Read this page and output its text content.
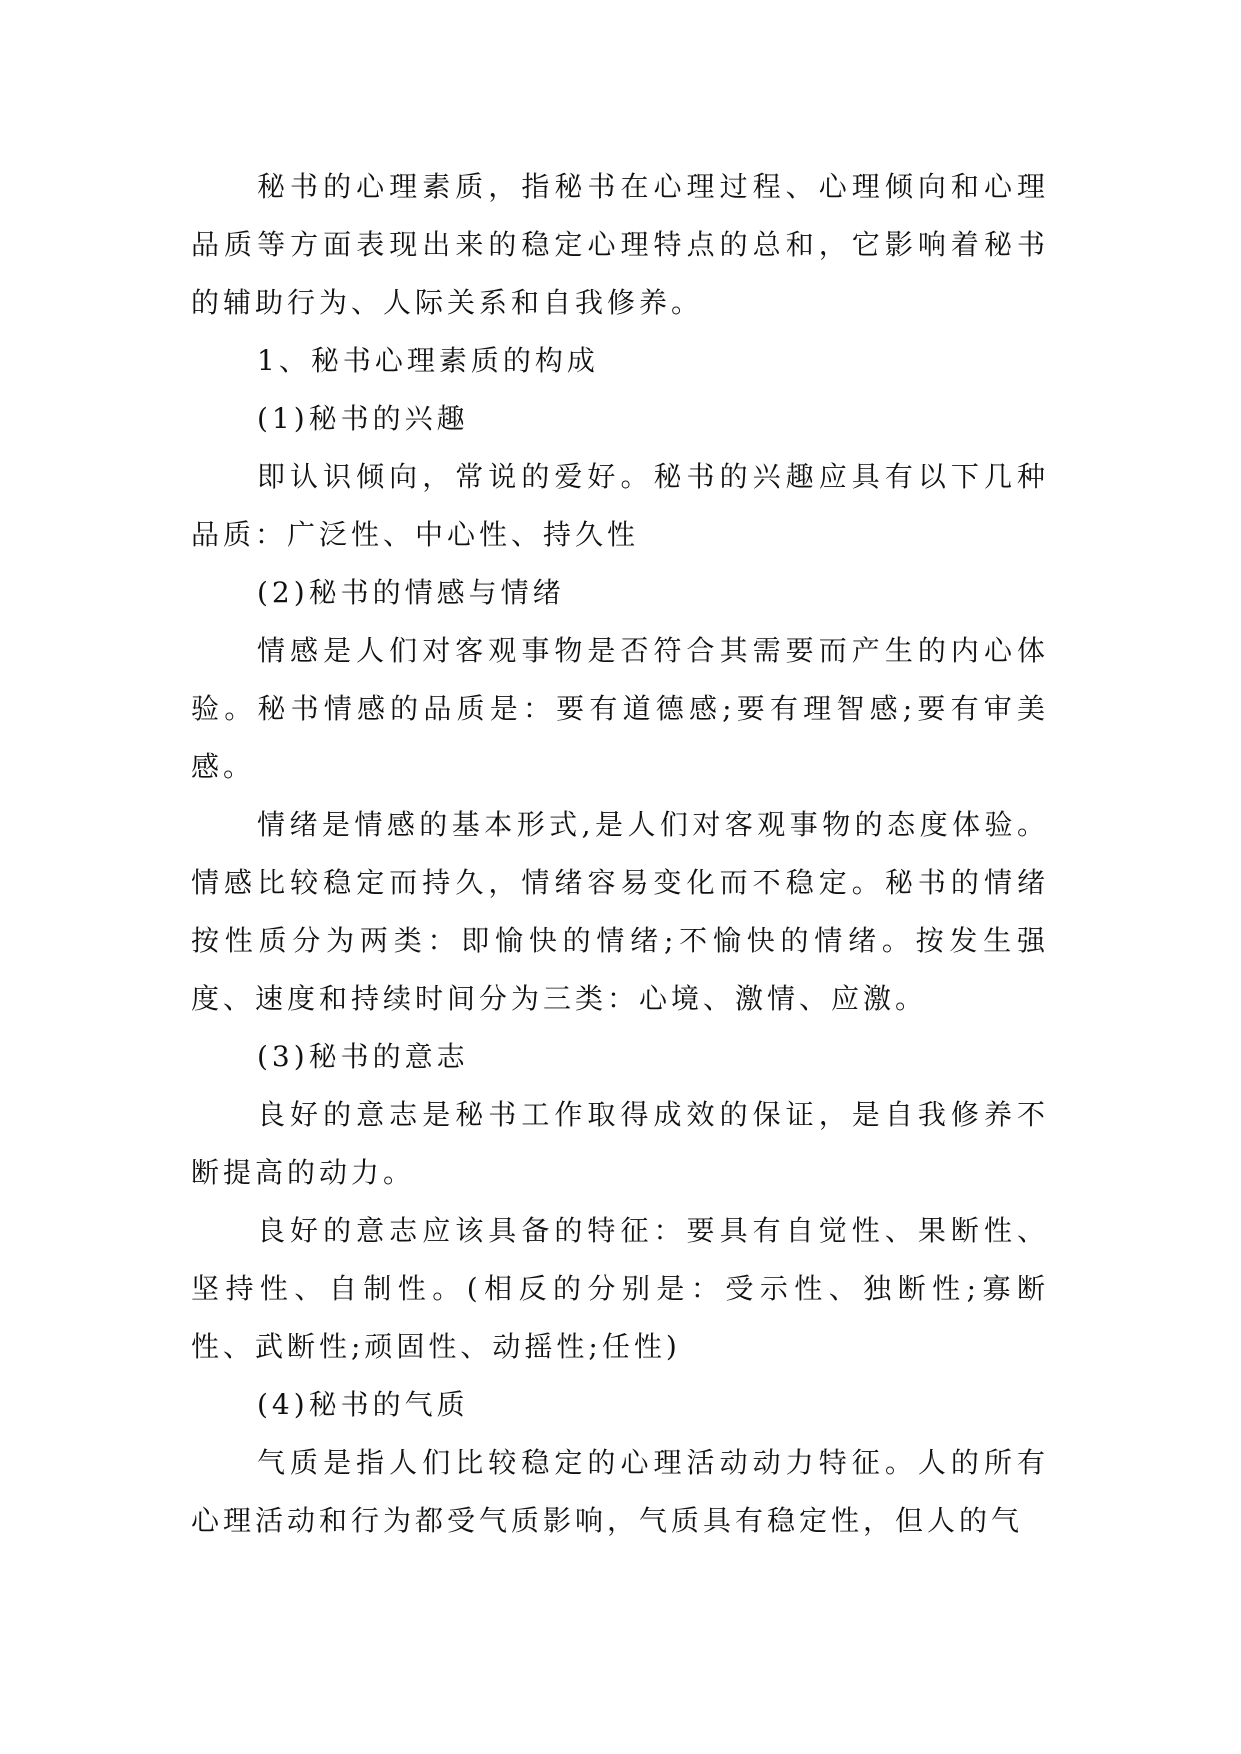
秘书的心理素质，指秘书在心理过程、心理倾向和心理品质等方面表现出来的稳定心理特点的总和，它影响着秘书的辅助行为、人际关系和自我修养。

1、秘书心理素质的构成

(1)秘书的兴趣

即认识倾向，常说的爱好。秘书的兴趣应具有以下几种品质：广泛性、中心性、持久性

(2)秘书的情感与情绪

情感是人们对客观事物是否符合其需要而产生的内心体验。秘书情感的品质是：要有道德感;要有理智感;要有审美感。

情绪是情感的基本形式,是人们对客观事物的态度体验。情感比较稳定而持久，情绪容易变化而不稳定。秘书的情绪按性质分为两类：即愉快的情绪;不愉快的情绪。按发生强度、速度和持续时间分为三类：心境、激情、应激。

(3)秘书的意志

良好的意志是秘书工作取得成效的保证，是自我修养不断提高的动力。

良好的意志应该具备的特征：要具有自觉性、果断性、坚持性、自制性。(相反的分别是：受示性、独断性;寡断性、武断性;顽固性、动摇性;任性)

(4)秘书的气质

气质是指人们比较稳定的心理活动动力特征。人的所有心理活动和行为都受气质影响，气质具有稳定性，但人的气
